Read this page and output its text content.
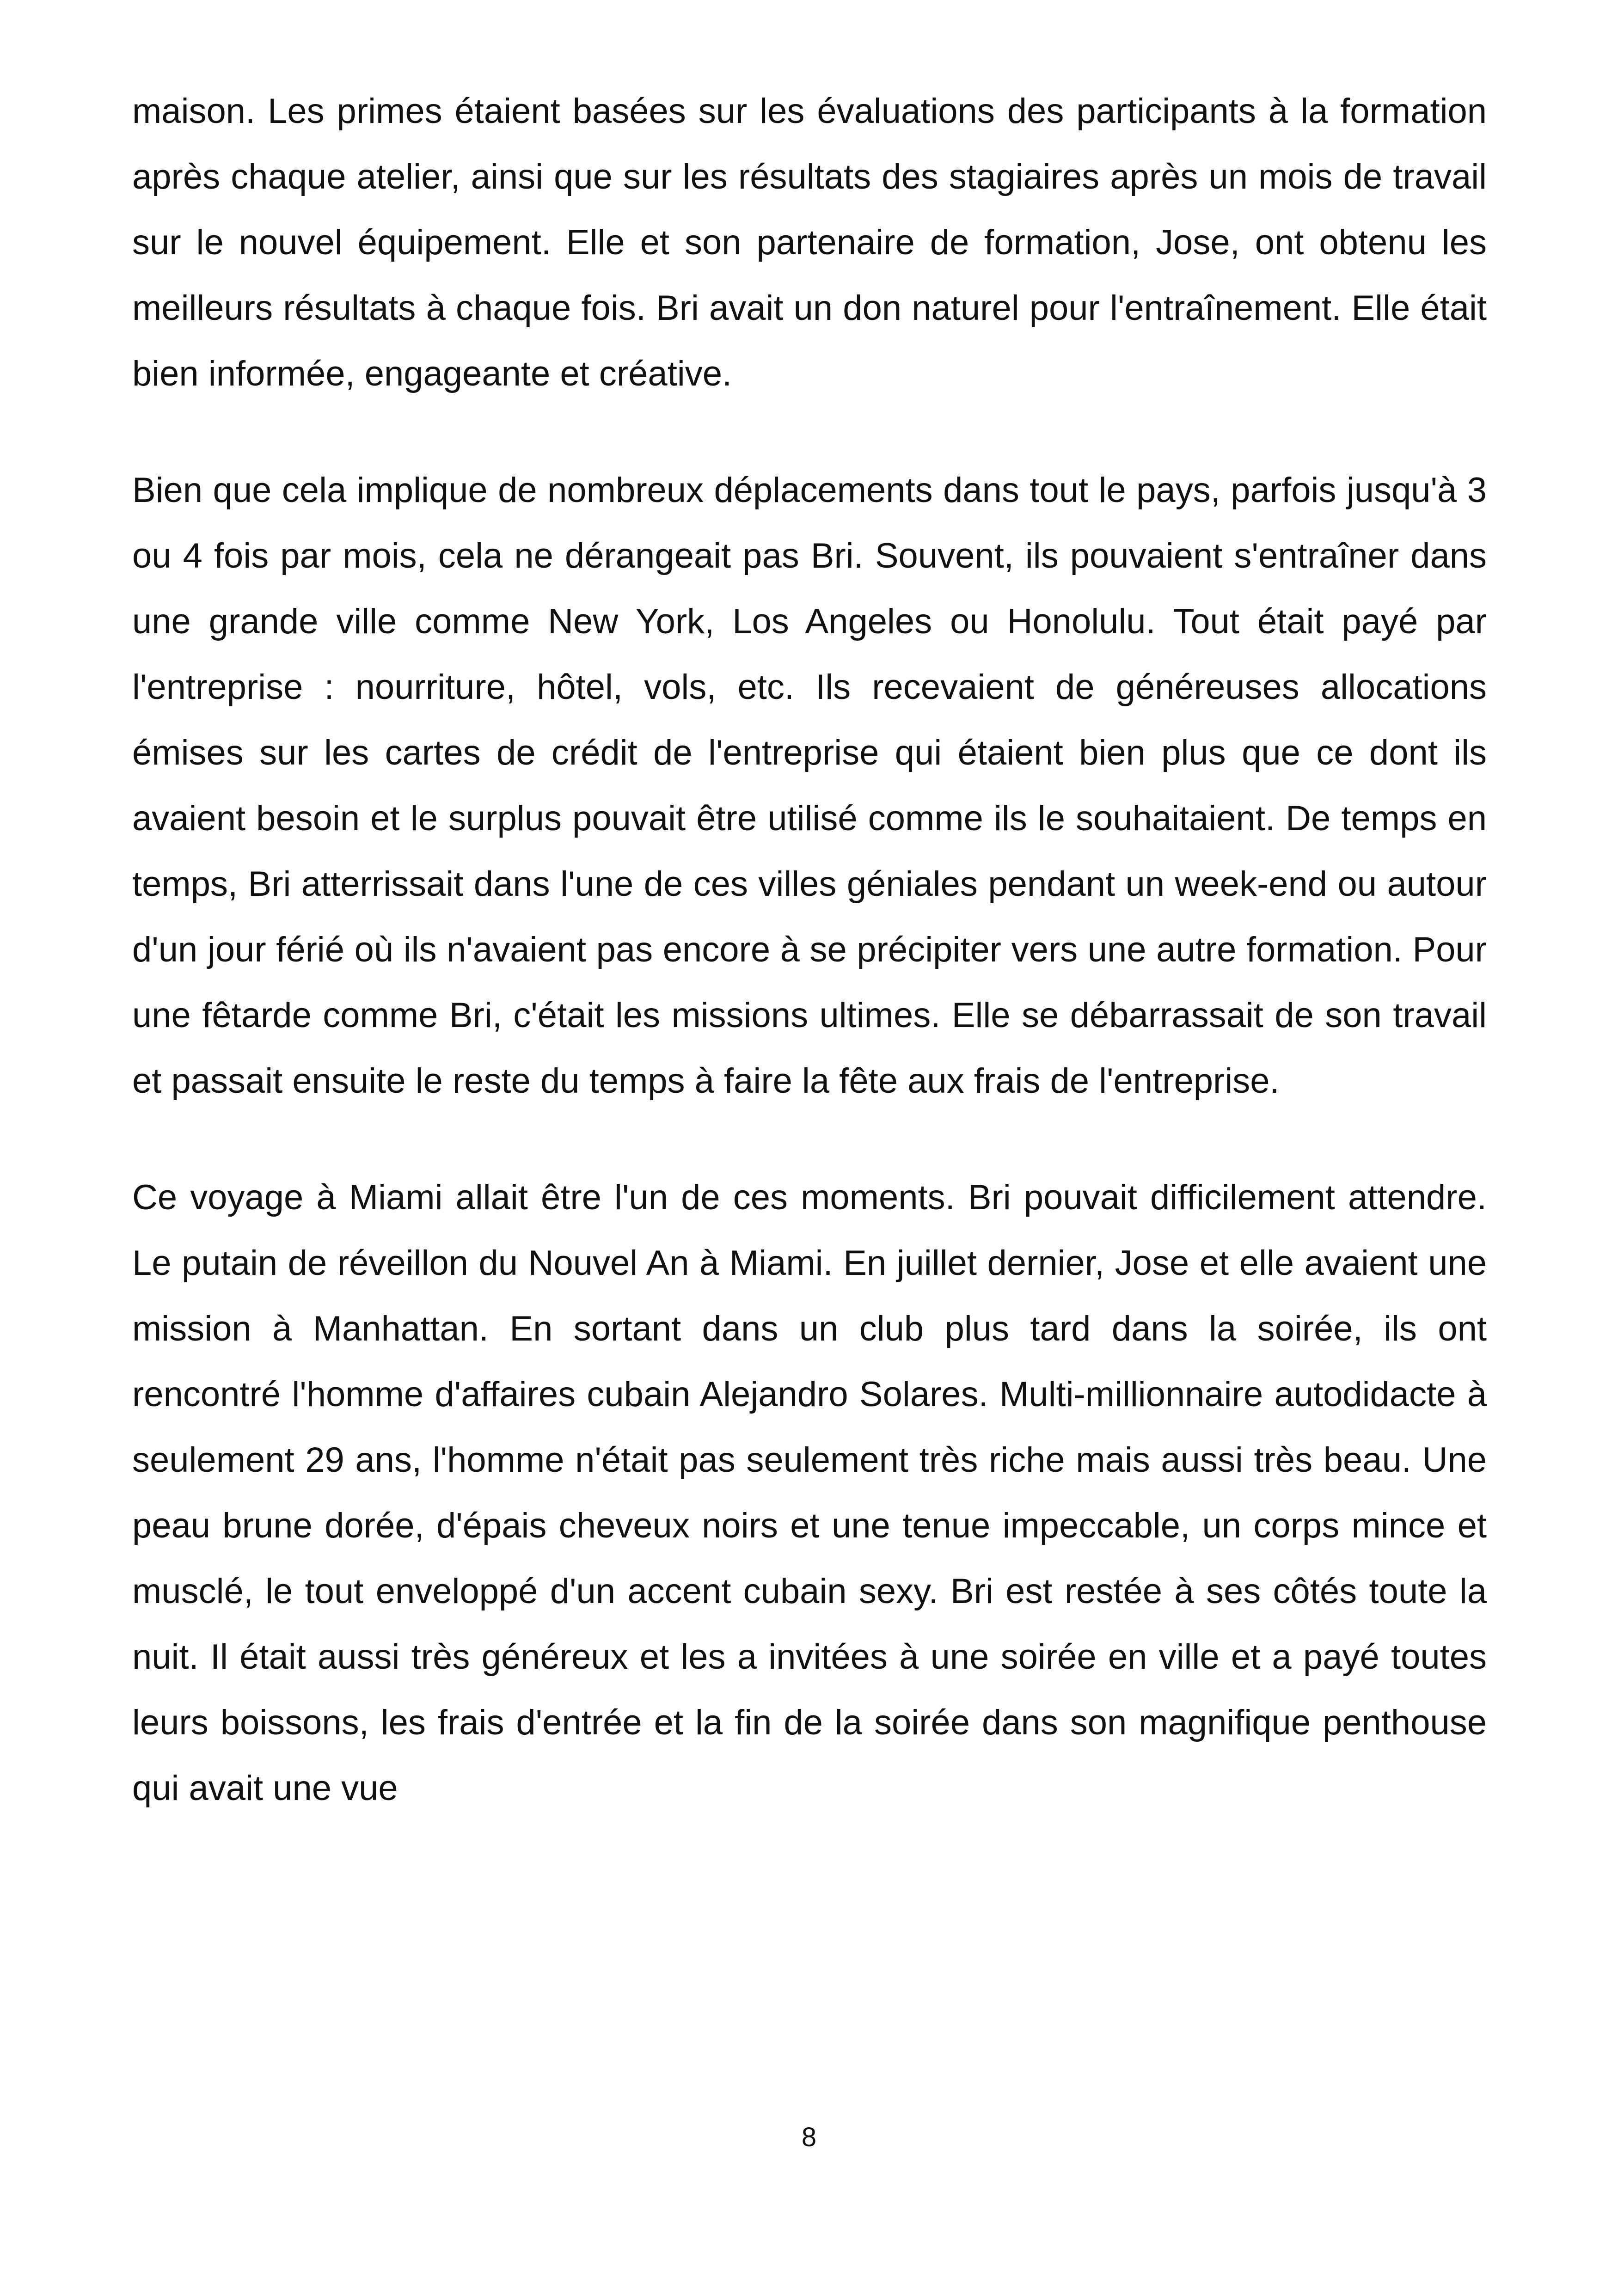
maison. Les primes étaient basées sur les évaluations des participants à la formation après chaque atelier, ainsi que sur les résultats des stagiaires après un mois de travail sur le nouvel équipement. Elle et son partenaire de formation, Jose, ont obtenu les meilleurs résultats à chaque fois. Bri avait un don naturel pour l'entraînement. Elle était bien informée, engageante et créative.

Bien que cela implique de nombreux déplacements dans tout le pays, parfois jusqu'à 3 ou 4 fois par mois, cela ne dérangeait pas Bri. Souvent, ils pouvaient s'entraîner dans une grande ville comme New York, Los Angeles ou Honolulu. Tout était payé par l'entreprise : nourriture, hôtel, vols, etc. Ils recevaient de généreuses allocations émises sur les cartes de crédit de l'entreprise qui étaient bien plus que ce dont ils avaient besoin et le surplus pouvait être utilisé comme ils le souhaitaient. De temps en temps, Bri atterrissait dans l'une de ces villes géniales pendant un week-end ou autour d'un jour férié où ils n'avaient pas encore à se précipiter vers une autre formation. Pour une fêtarde comme Bri, c'était les missions ultimes. Elle se débarrassait de son travail et passait ensuite le reste du temps à faire la fête aux frais de l'entreprise.

Ce voyage à Miami allait être l'un de ces moments. Bri pouvait difficilement attendre. Le putain de réveillon du Nouvel An à Miami. En juillet dernier, Jose et elle avaient une mission à Manhattan. En sortant dans un club plus tard dans la soirée, ils ont rencontré l'homme d'affaires cubain Alejandro Solares. Multi-millionnaire autodidacte à seulement 29 ans, l'homme n'était pas seulement très riche mais aussi très beau. Une peau brune dorée, d'épais cheveux noirs et une tenue impeccable, un corps mince et musclé, le tout enveloppé d'un accent cubain sexy. Bri est restée à ses côtés toute la nuit. Il était aussi très généreux et les a invitées à une soirée en ville et a payé toutes leurs boissons, les frais d'entrée et la fin de la soirée dans son magnifique penthouse qui avait une vue

8
